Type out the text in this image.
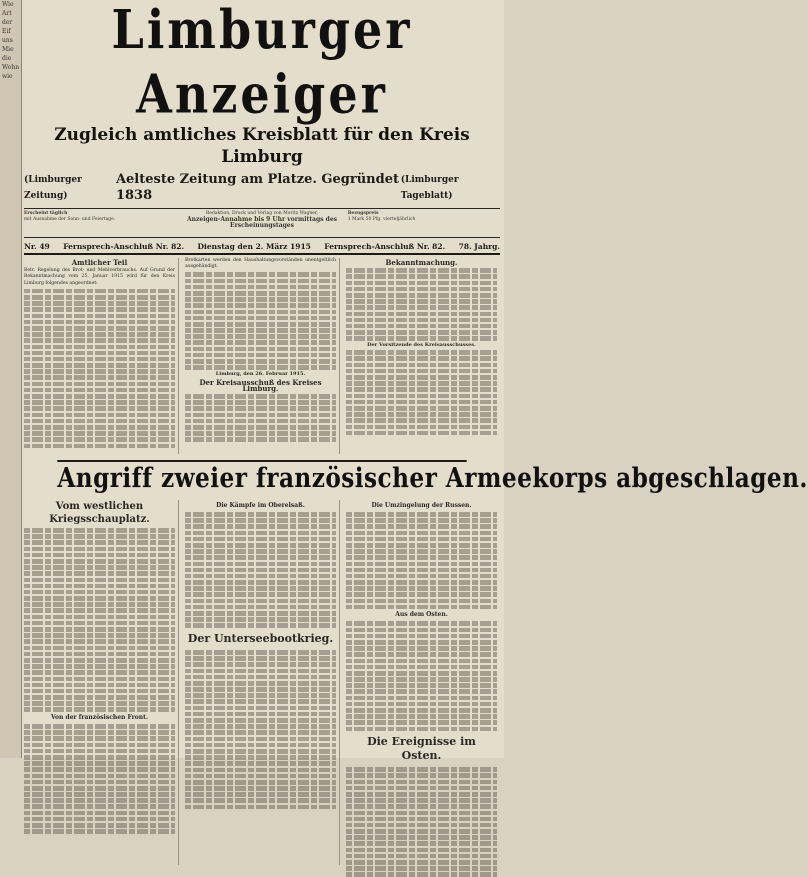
Wie
Art
der
Eif
uns
Mie
die
Wohn
wie
Limburger Anzeiger
Zugleich amtliches Kreisblatt für den Kreis Limburg
(Limburger Zeitung)
Aelteste Zeitung am Platze. Gegründet 1838
(Limburger Tageblatt)
Erscheint täglich
mit Ausnahme der Sonn- und Feiertage.
Redaktion, Druck und Verlag von Moritz Wagner,
Anzeigen-Annahme bis 9 Uhr vormittags des Erscheinungstages
Bezugspreis
1 Mark 50 Pfg. vierteljährlich
Nr. 49 Fernsprech-Anschluß Nr. 82. Dienstag den 2. März 1915 Fernsprech-Anschluß Nr. 82. 78. Jahrg.
Amtlicher Teil

Betr. Regelung des Brot- und Mehlverbrauchs. Auf Grund der Bekanntmachung vom 25. Januar 1915 wird für den Kreis Limburg folgendes angeordnet:

Brotkarten werden den Haushaltungsvorständen unentgeltlich ausgehändigt.

Limburg, den 26. Februar 1915.
Der Kreisausschuß des Kreises Limburg.
Bekanntmachung.
Der Vorsitzende des Kreisausschusses.
Angriff zweier französischer Armeekorps abgeschlagen.
Vom westlichen Kriegsschauplatz.
Von der französischen Front.
Die Kämpfe im Oberelsaß.
Der Unterseebootkrieg.
Die Umzingelung der Russen.
Aus dem Osten.
Die Ereignisse im Osten.
